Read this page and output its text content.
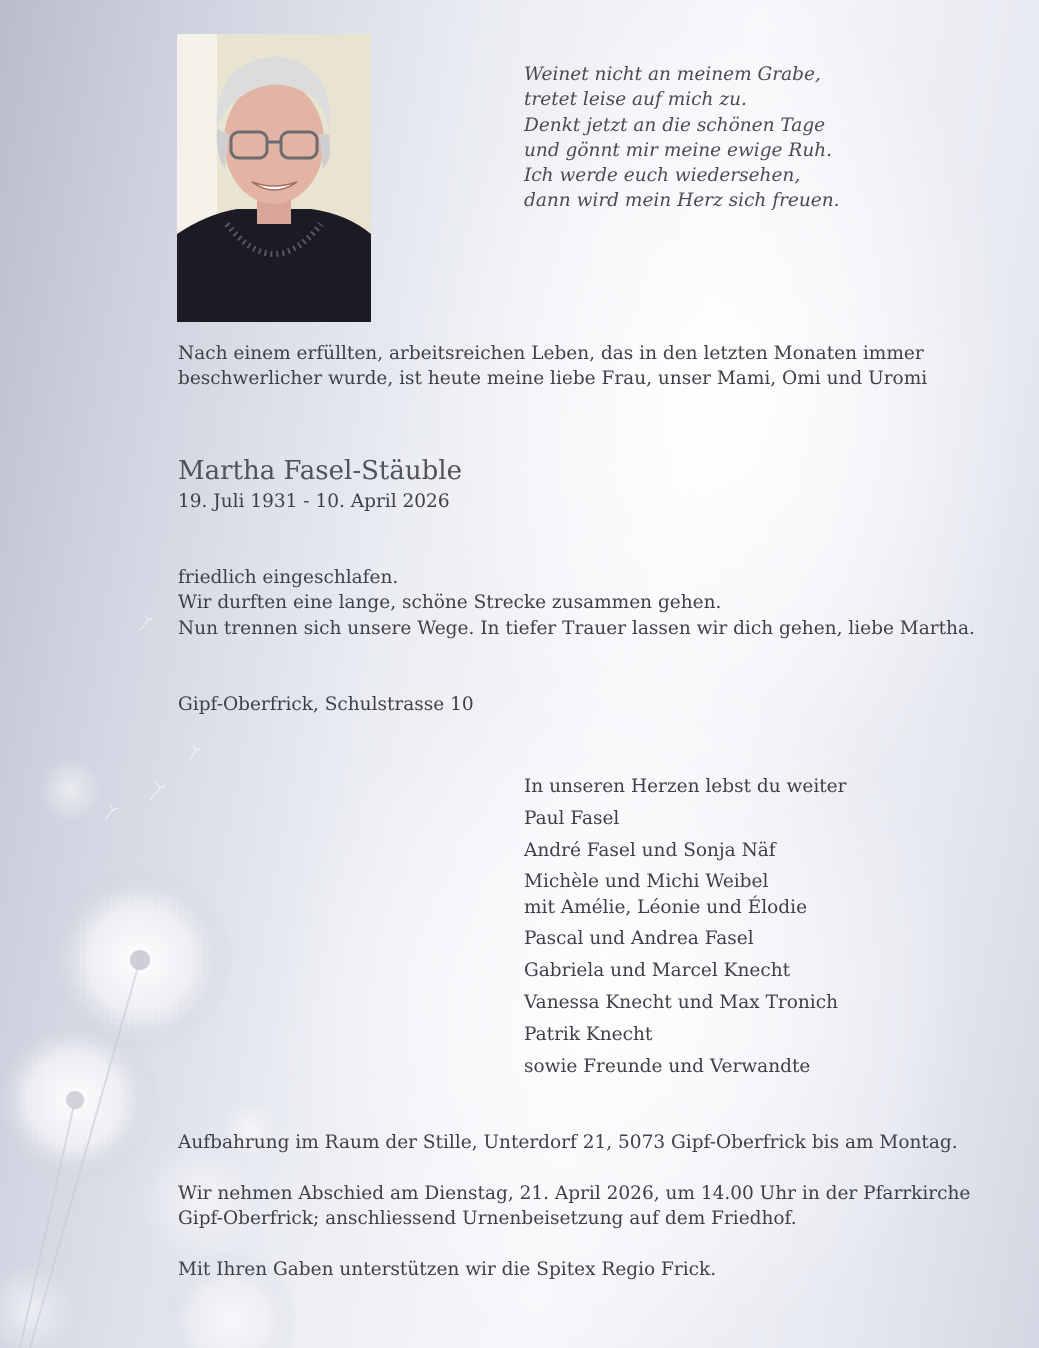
Weinet nicht an meinem Grabe,
tretet leise auf mich zu.
Denkt jetzt an die schönen Tage
und gönnt mir meine ewige Ruh.
Ich werde euch wiedersehen,
dann wird mein Herz sich freuen.
Nach einem erfüllten, arbeitsreichen Leben, das in den letzten Monaten immer
beschwerlicher wurde, ist heute meine liebe Frau, unser Mami, Omi und Uromi
Martha Fasel-Stäuble
19. Juli 1931 - 10. April 2026
friedlich eingeschlafen.
Wir durften eine lange, schöne Strecke zusammen gehen.
Nun trennen sich unsere Wege. In tiefer Trauer lassen wir dich gehen, liebe Martha.
Gipf-Oberfrick, Schulstrasse 10
In unseren Herzen lebst du weiter
Paul Fasel
André Fasel und Sonja Näf
Michèle und Michi Weibel
mit Amélie, Léonie und Élodie
Pascal und Andrea Fasel
Gabriela und Marcel Knecht
Vanessa Knecht und Max Tronich
Patrik Knecht
sowie Freunde und Verwandte
Aufbahrung im Raum der Stille, Unterdorf 21, 5073 Gipf-Oberfrick bis am Montag.
Wir nehmen Abschied am Dienstag, 21. April 2026, um 14.00 Uhr in der Pfarrkirche
Gipf-Oberfrick; anschliessend Urnenbeisetzung auf dem Friedhof.
Mit Ihren Gaben unterstützen wir die Spitex Regio Frick.
